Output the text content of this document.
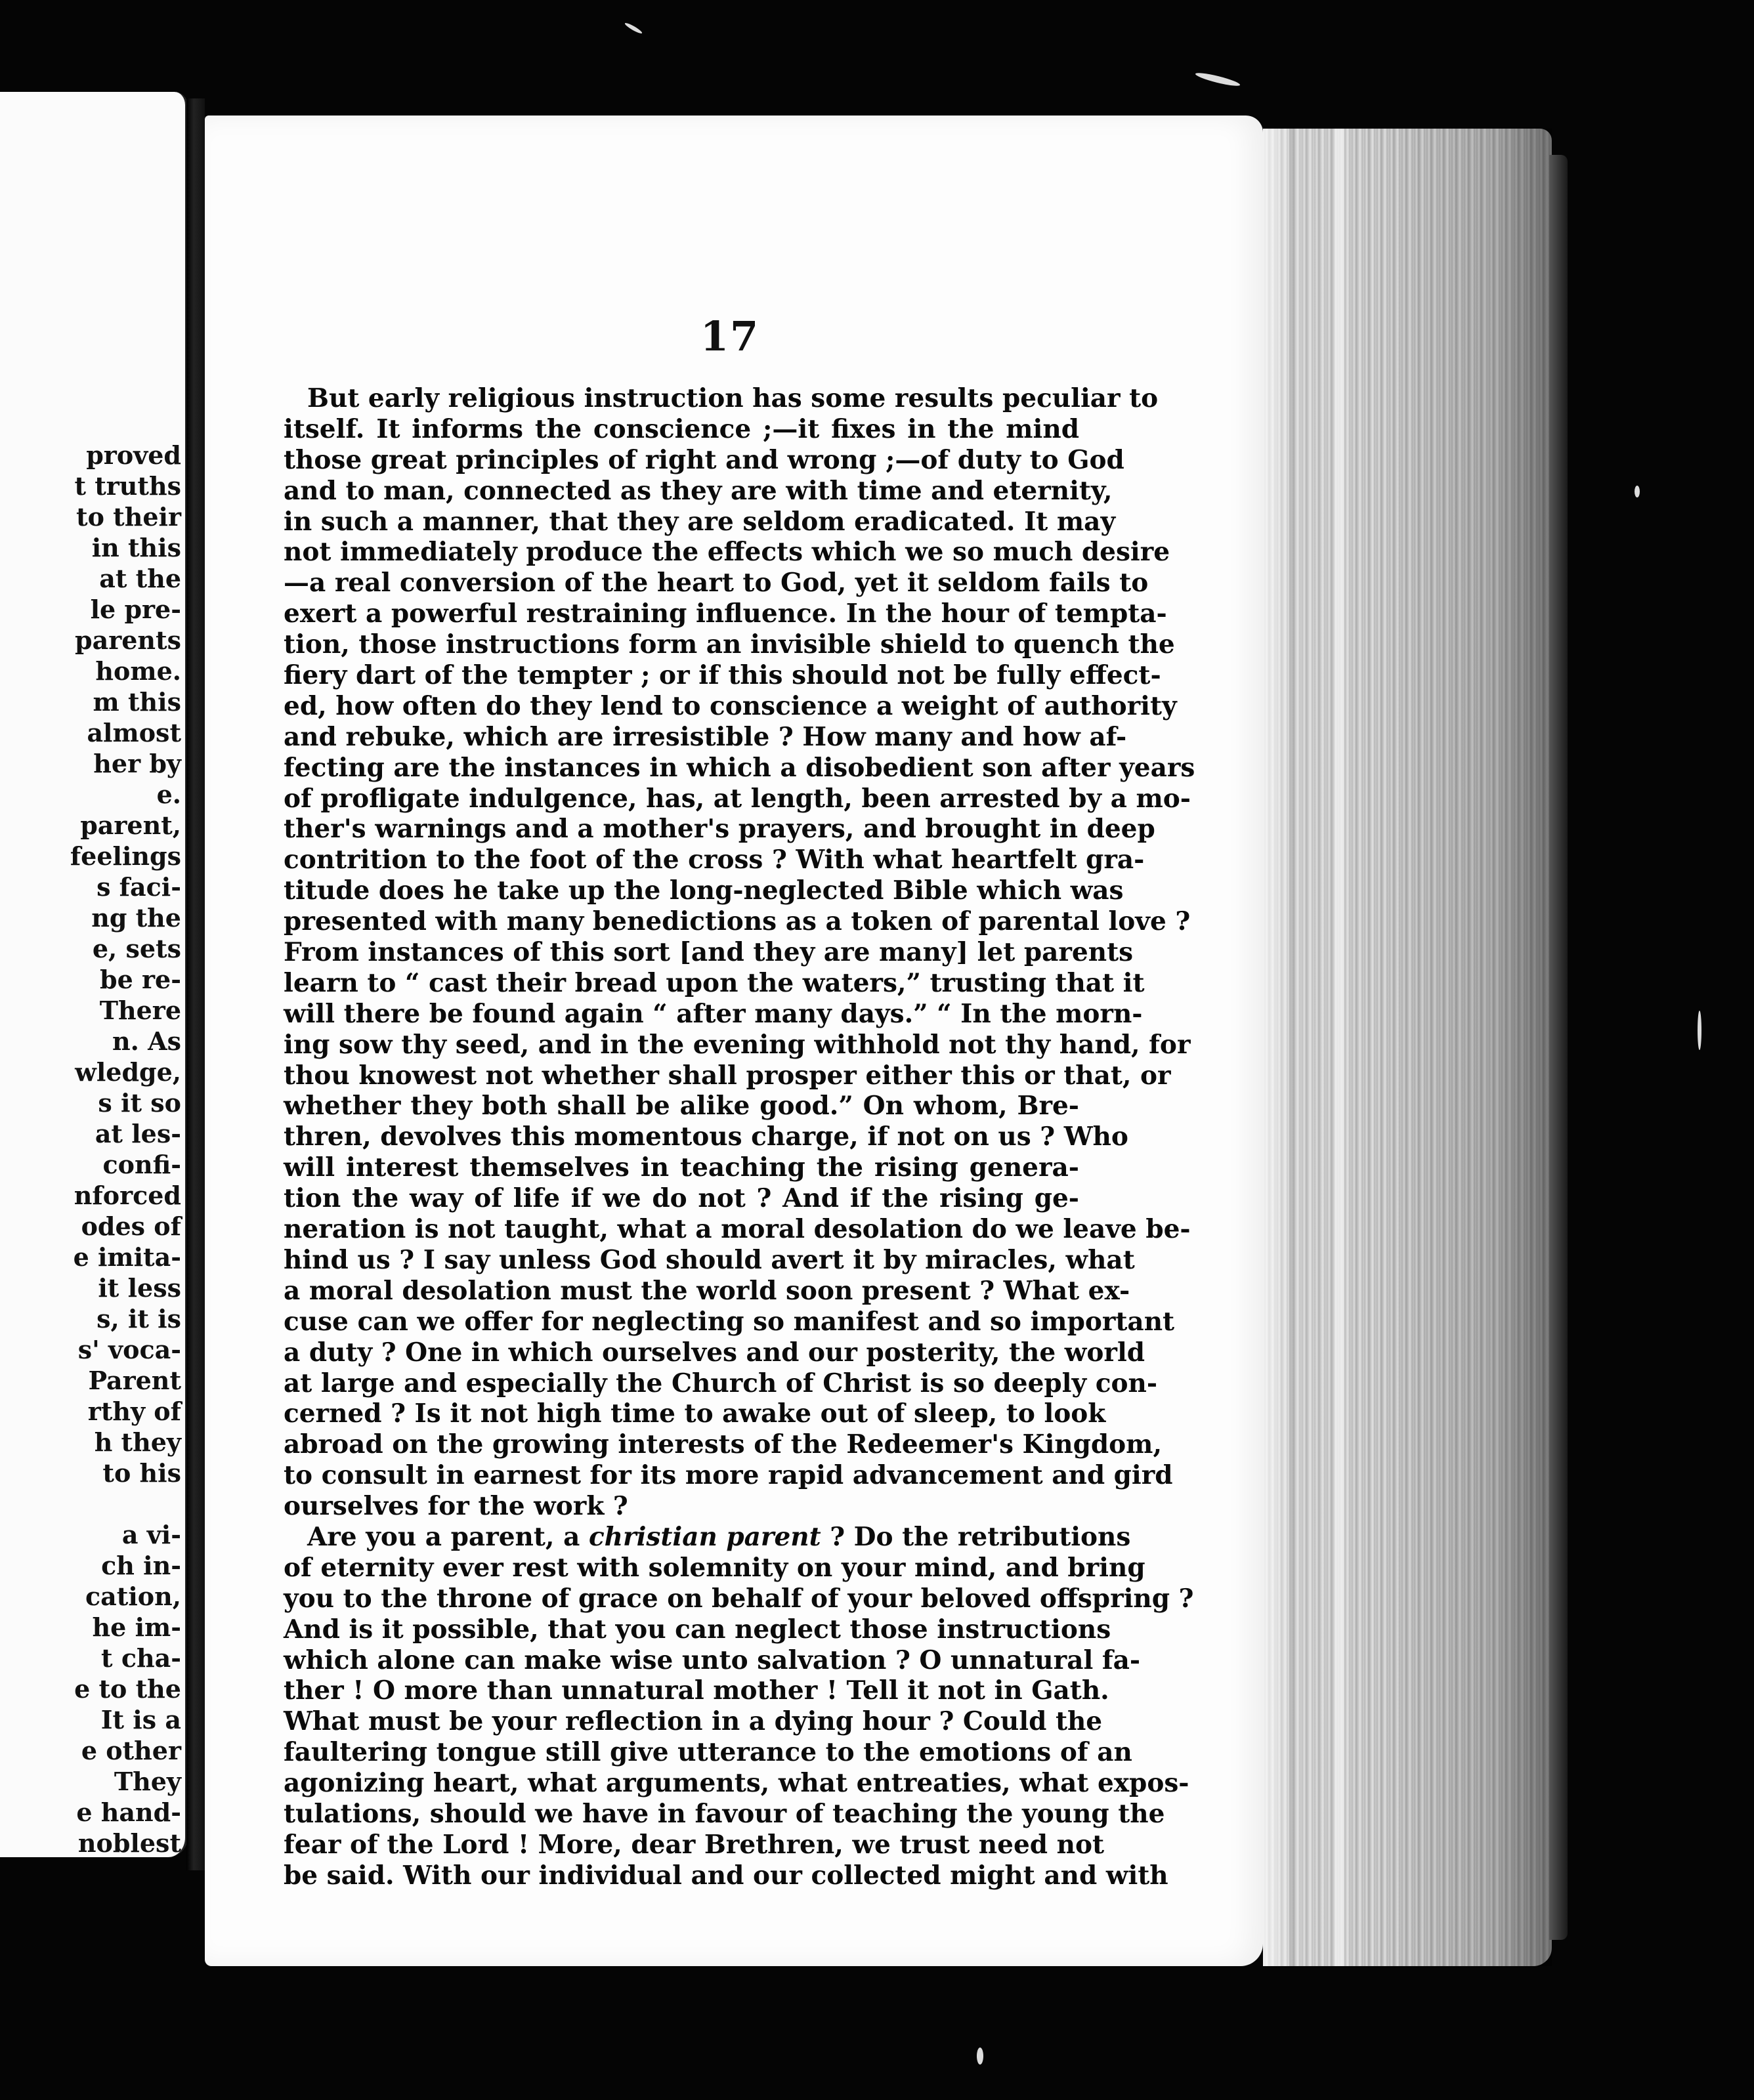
proved
t truths
to their
in this
at the
le pre-
parents
home.
m this
almost
her by
e.
parent,
feelings
s faci-
ng the
e, sets
be re-
There
n. As
wledge,
s it so
at les-
confi-
nforced
odes of
e imita-
it less
s, it is
s' voca-
Parent
rthy of
h they
to his
a vi-
ch in-
cation,
he im-
t cha-
e to the
It is a
e other
They
e hand-
noblest
17
But early religious instruction has some results peculiar to
itself. It informs the conscience ;—it fixes in the mind
those great principles of right and wrong ;—of duty to God
and to man, connected as they are with time and eternity,
in such a manner, that they are seldom eradicated. It may
not immediately produce the effects which we so much desire
—a real conversion of the heart to God, yet it seldom fails to
exert a powerful restraining influence. In the hour of tempta-
tion, those instructions form an invisible shield to quench the
fiery dart of the tempter ; or if this should not be fully effect-
ed, how often do they lend to conscience a weight of authority
and rebuke, which are irresistible ? How many and how af-
fecting are the instances in which a disobedient son after years
of profligate indulgence, has, at length, been arrested by a mo-
ther's warnings and a mother's prayers, and brought in deep
contrition to the foot of the cross ? With what heartfelt gra-
titude does he take up the long-neglected Bible which was
presented with many benedictions as a token of parental love ?
From instances of this sort [and they are many] let parents
learn to “ cast their bread upon the waters,” trusting that it
will there be found again “ after many days.” “ In the morn-
ing sow thy seed, and in the evening withhold not thy hand, for
thou knowest not whether shall prosper either this or that, or
whether they both shall be alike good.” On whom, Bre-
thren, devolves this momentous charge, if not on us ? Who
will interest themselves in teaching the rising genera-
tion the way of life if we do not ? And if the rising ge-
neration is not taught, what a moral desolation do we leave be-
hind us ? I say unless God should avert it by miracles, what
a moral desolation must the world soon present ? What ex-
cuse can we offer for neglecting so manifest and so important
a duty ? One in which ourselves and our posterity, the world
at large and especially the Church of Christ is so deeply con-
cerned ? Is it not high time to awake out of sleep, to look
abroad on the growing interests of the Redeemer's Kingdom,
to consult in earnest for its more rapid advancement and gird
ourselves for the work ?
Are you a parent, a christian parent ? Do the retributions
of eternity ever rest with solemnity on your mind, and bring
you to the throne of grace on behalf of your beloved offspring ?
And is it possible, that you can neglect those instructions
which alone can make wise unto salvation ? O unnatural fa-
ther ! O more than unnatural mother ! Tell it not in Gath.
What must be your reflection in a dying hour ? Could the
faultering tongue still give utterance to the emotions of an
agonizing heart, what arguments, what entreaties, what expos-
tulations, should we have in favour of teaching the young the
fear of the Lord ! More, dear Brethren, we trust need not
be said. With our individual and our collected might and with
